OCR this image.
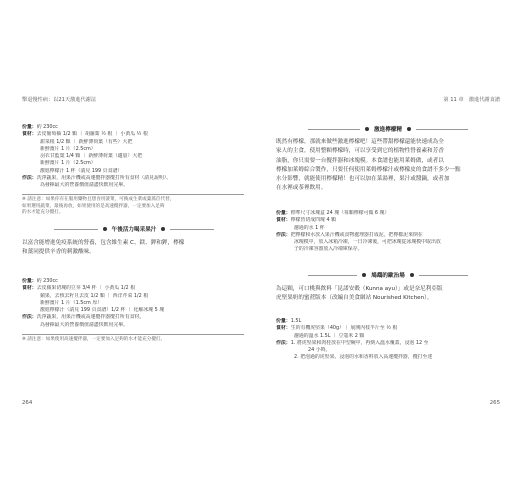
擊退慢性病：以21天激進代謝法
份量：約 230cc
食材：去皮葡萄柚 1/2 顆 ｜ 胡蘿蔔 ½ 根 ｜ 小黃瓜 ½ 根
甜菜根 1/2 顆 ｜ 新鮮薄荷葉（有些）大把
新鮮薑片 1 片（2.5cm）
羽衣甘藍葉 1/4 顆 ｜ 新鮮薄荷葉（適量）大把
新鮮薑片 1 片（2.5cm）
激進檸檬汁 1 杯（請見 199 頁食譜）
作法：洗淨蔬果，用果汁機或高速攪拌器攪打所有食材（請見說明）。
為發揮最大的營養價值請盡快飲用完畢。
※ 請注意：如果你有在服用藥物且想食用菠菜，可換成生菜或葉萵苣代替，
如果選用蔬菜，最後再放，如果使用的是高速攪拌器，一定要加入足夠
的水才能充分攪打。
午後活力喝采果汁
以富含能增進免疫系統的營養，包含維生素 C、鎂、鉀和鉀，檸檬
和薑同提供辛香的刺激酸味。
份量：約 230cc
食材：去皮蘋果切塊的豆芽 3/4 杯 ｜ 小黃瓜 1/2 根
蘋果，去核去籽且去皮 1/2 顆 ｜ 西洋芹菜 1/2 根
新鮮薑片 1 片（1.5cm 厚）
激進檸檬汁（請見 199 頁食譜）1/2 杯 ｜ 化解冰塊 5 塊
作法：洗淨蔬果，用果汁機或高速攪拌器攪打所有食材。
為發揮最大的營養價值請盡快飲用完畢。
※ 請注意：如果使用高速攪拌器，一定要加入足夠的水才能充分攪打。
264
第 11 章　激進代謝食譜
激進檸檬精
既然有檸檬，那就來做些激進檸檬吧！這些帶甜檸檬還能快速成為全
家人的主食，使用整顆檸檬時，可以享受到它的植物性營養素和芳香
油脂，你只需要一台攪拌器和冰塊模。本食譜也能用萊姆做，或者以
檸檬加萊姆綜合製作，只要任何使用萊姆檸檬汁或檸檬皮的食譜不多少一點
水分影響，就能使用檸檬精！也可以加在菜湯裡，果汁或醬鍋，或者加
在水裡或茶裡飲用。
份量：標準尺寸冰塊盒 24 塊（每顆檸檬可做 6 塊）
食材：檸檬皆切成四塊 4 顆
濾過的水 1 杯
作法：把檸檬和水放入果汁機或食物處理器打成泥，把檸檬泥來倒在
冰塊模中，放入冰箱冷凍，一日冷凍後，可把冰塊從冰塊模中取出放
子的冷凍容器放入冷凍庫保存。
鳩鵡的歐治場
為這顆，可口桃與飲料「昆諾安穀（Kunna ayu）」或是奈尼利亞版
虎堅果奶的蜜蔗版本（改編自美食網站 Nourished Kitchen）。
份量：1.5L
食材：生的有機虎堅果（40g）｜ 展開內枝半斤至 ½ 根
濾過的溫水 1.5L ｜ 豆蔻米 2 顆
作法：1. 將虎堅果和肉桂放在中型碗中，再倒入溫水覆蓋，浸泡 12 至
24 小時。
2. 把泡過的虎堅果、浸泡的水和香料放入高速攪拌器，攪打至達
265
